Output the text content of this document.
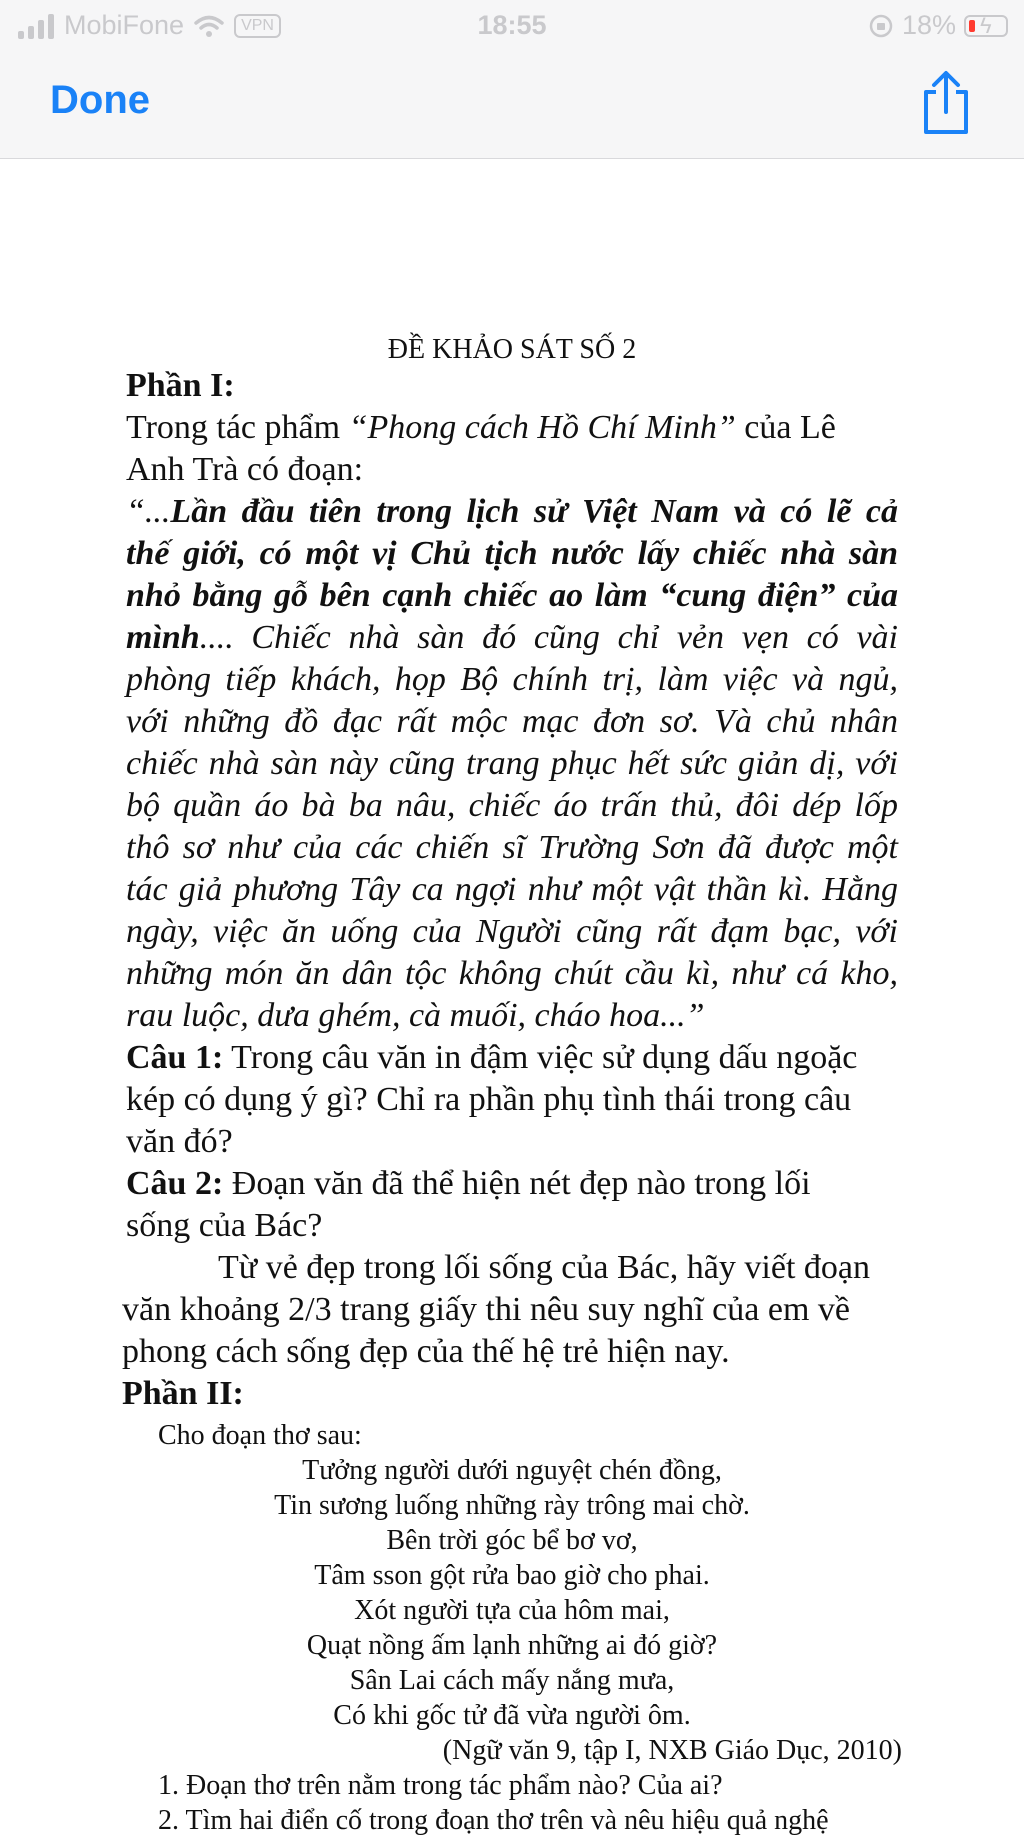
MobiFone	VPN	18:55	18% ϟ
Done
ĐỀ KHẢO SÁT SỐ 2
Phần I:
Trong tác phẩm “Phong cách Hồ Chí Minh” của Lê
Anh Trà có đoạn:
“...Lần đầu tiên trong lịch sử Việt Nam và có lẽ cả
thế giới, có một vị Chủ tịch nước lấy chiếc nhà sàn
nhỏ bằng gỗ bên cạnh chiếc ao làm “cung điện” của
mình.... Chiếc nhà sàn đó cũng chỉ vẻn vẹn có vài
phòng tiếp khách, họp Bộ chính trị, làm việc và ngủ,
với những đồ đạc rất mộc mạc đơn sơ. Và chủ nhân
chiếc nhà sàn này cũng trang phục hết sức giản dị, với
bộ quần áo bà ba nâu, chiếc áo trấn thủ, đôi dép lốp
thô sơ như của các chiến sĩ Trường Sơn đã được một
tác giả phương Tây ca ngợi như một vật thần kì. Hằng
ngày, việc ăn uống của Người cũng rất đạm bạc, với
những món ăn dân tộc không chút cầu kì, như cá kho,
rau luộc, dưa ghém, cà muối, cháo hoa...”
Câu 1: Trong câu văn in đậm việc sử dụng dấu ngoặc
kép có dụng ý gì? Chỉ ra phần phụ tình thái trong câu
văn đó?
Câu 2: Đoạn văn đã thể hiện nét đẹp nào trong lối
sống của Bác?
Từ vẻ đẹp trong lối sống của Bác, hãy viết đoạn
văn khoảng 2/3 trang giấy thi nêu suy nghĩ của em về
phong cách sống đẹp của thế hệ trẻ hiện nay.
Phần II:
Cho đoạn thơ sau:
Tưởng người dưới nguyệt chén đồng,
Tin sương luống những rày trông mai chờ.
Bên trời góc bể bơ vơ,
Tâm sson gột rửa bao giờ cho phai.
Xót người tựa của hôm mai,
Quạt nồng ấm lạnh những ai đó giờ?
Sân Lai cách mấy nắng mưa,
Có khi gốc tử đã vừa người ôm.
(Ngữ văn 9, tập I, NXB Giáo Dục, 2010)
1. Đoạn thơ trên nằm trong tác phẩm nào? Của ai?
2. Tìm hai điển cố trong đoạn thơ trên và nêu hiệu quả nghệ
